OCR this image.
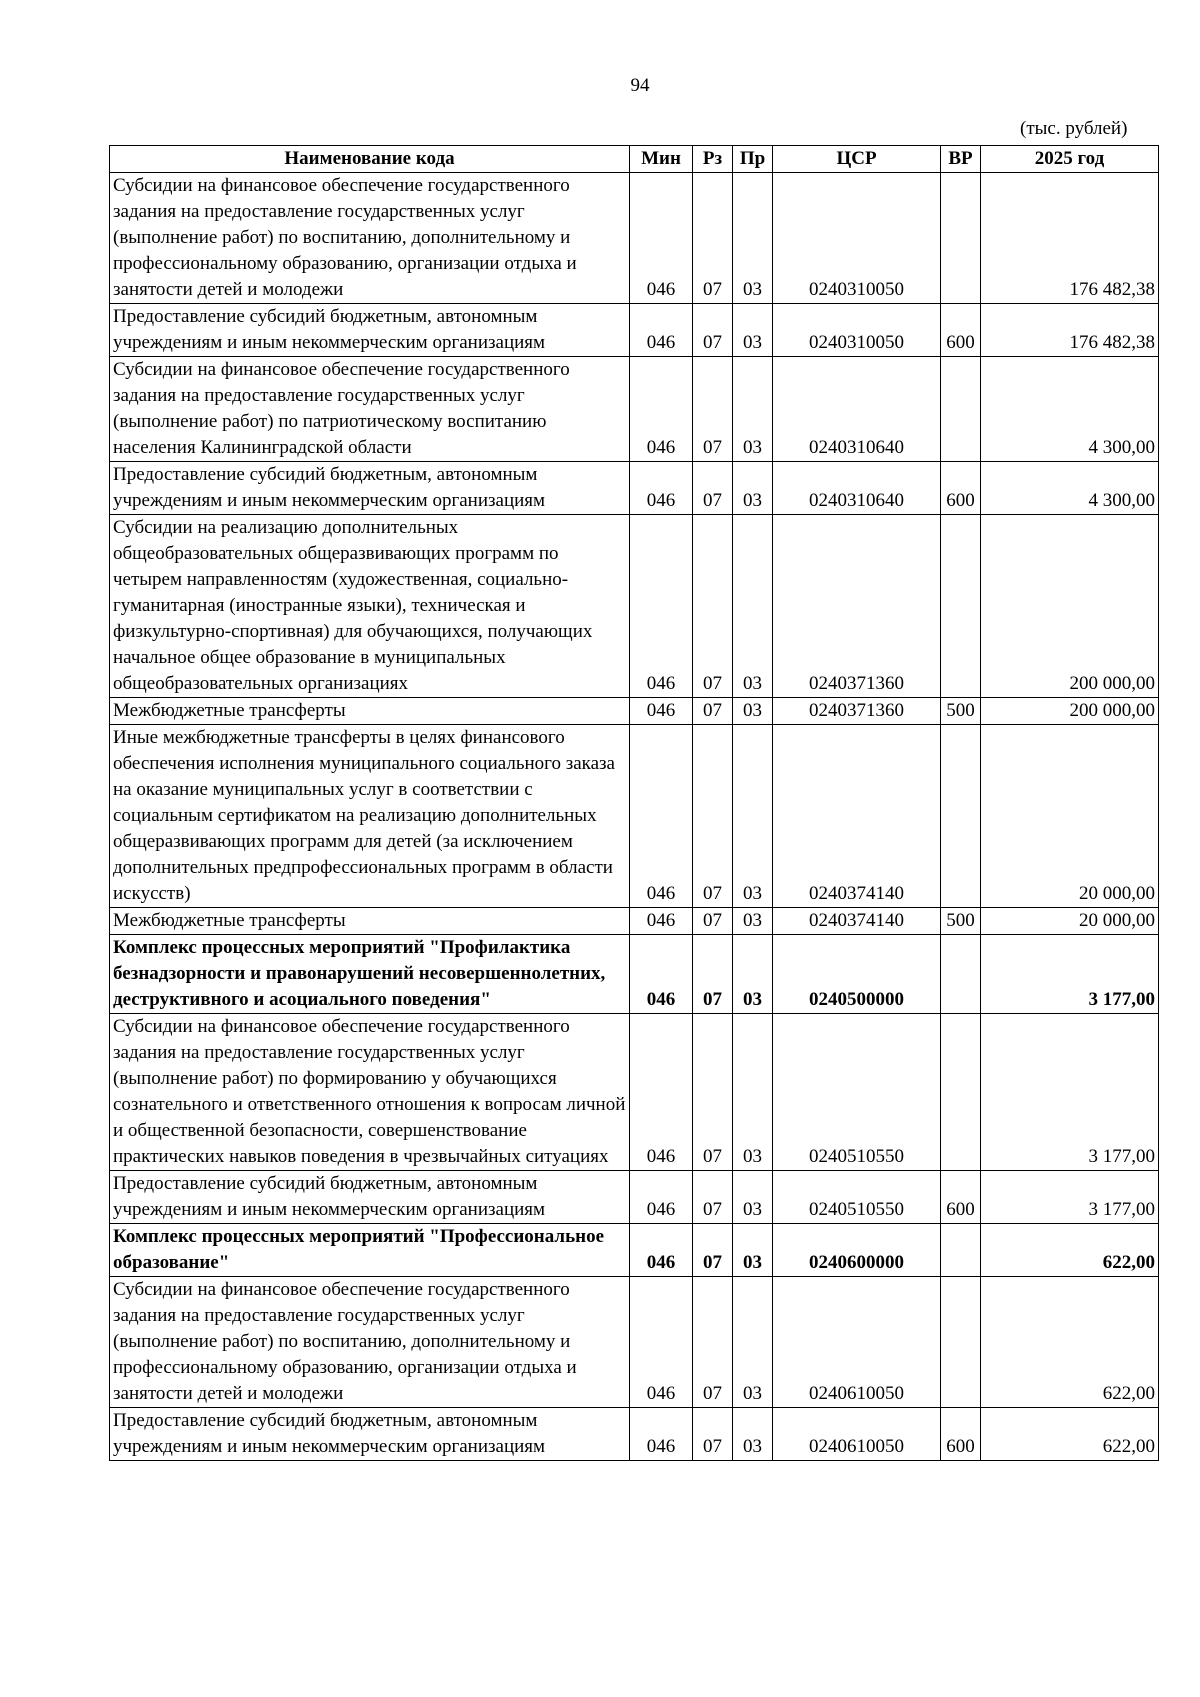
94
(тыс. рублей)
Наименование кода	Мин	Рз	Пр	ЦСР	ВР	2025 год
Субсидии на финансовое обеспечение государственного задания на предоставление государственных услуг (выполнение работ) по воспитанию, дополнительному и профессиональному образованию, организации отдыха и занятости детей и молодежи	046	07	03	0240310050		176 482,38
Предоставление субсидий бюджетным, автономным учреждениям и иным некоммерческим организациям	046	07	03	0240310050	600	176 482,38
Субсидии на финансовое обеспечение государственного задания на предоставление государственных услуг (выполнение работ) по патриотическому воспитанию населения Калининградской области	046	07	03	0240310640		4 300,00
Предоставление субсидий бюджетным, автономным учреждениям и иным некоммерческим организациям	046	07	03	0240310640	600	4 300,00
Субсидии на реализацию дополнительных общеобразовательных общеразвивающих программ по четырем направленностям (художественная, социально-гуманитарная (иностранные языки), техническая и физкультурно-спортивная) для обучающихся, получающих начальное общее образование в муниципальных общеобразовательных организациях	046	07	03	0240371360		200 000,00
Межбюджетные трансферты	046	07	03	0240371360	500	200 000,00
Иные межбюджетные трансферты в целях финансового обеспечения исполнения муниципального социального заказа на оказание муниципальных услуг в соответствии с социальным сертификатом на реализацию дополнительных общеразвивающих программ для детей (за исключением дополнительных предпрофессиональных программ в области искусств)	046	07	03	0240374140		20 000,00
Межбюджетные трансферты	046	07	03	0240374140	500	20 000,00
Комплекс процессных мероприятий "Профилактика безнадзорности и правонарушений несовершеннолетних, деструктивного и асоциального поведения"	046	07	03	0240500000		3 177,00
Субсидии на финансовое обеспечение государственного задания на предоставление государственных услуг (выполнение работ) по формированию у обучающихся сознательного и ответственного отношения к вопросам личной и общественной безопасности, совершенствование практических навыков поведения в чрезвычайных ситуациях	046	07	03	0240510550		3 177,00
Предоставление субсидий бюджетным, автономным учреждениям и иным некоммерческим организациям	046	07	03	0240510550	600	3 177,00
Комплекс процессных мероприятий "Профессиональное образование"	046	07	03	0240600000		622,00
Субсидии на финансовое обеспечение государственного задания на предоставление государственных услуг (выполнение работ) по воспитанию, дополнительному и профессиональному образованию, организации отдыха и занятости детей и молодежи	046	07	03	0240610050		622,00
Предоставление субсидий бюджетным, автономным учреждениям и иным некоммерческим организациям	046	07	03	0240610050	600	622,00
